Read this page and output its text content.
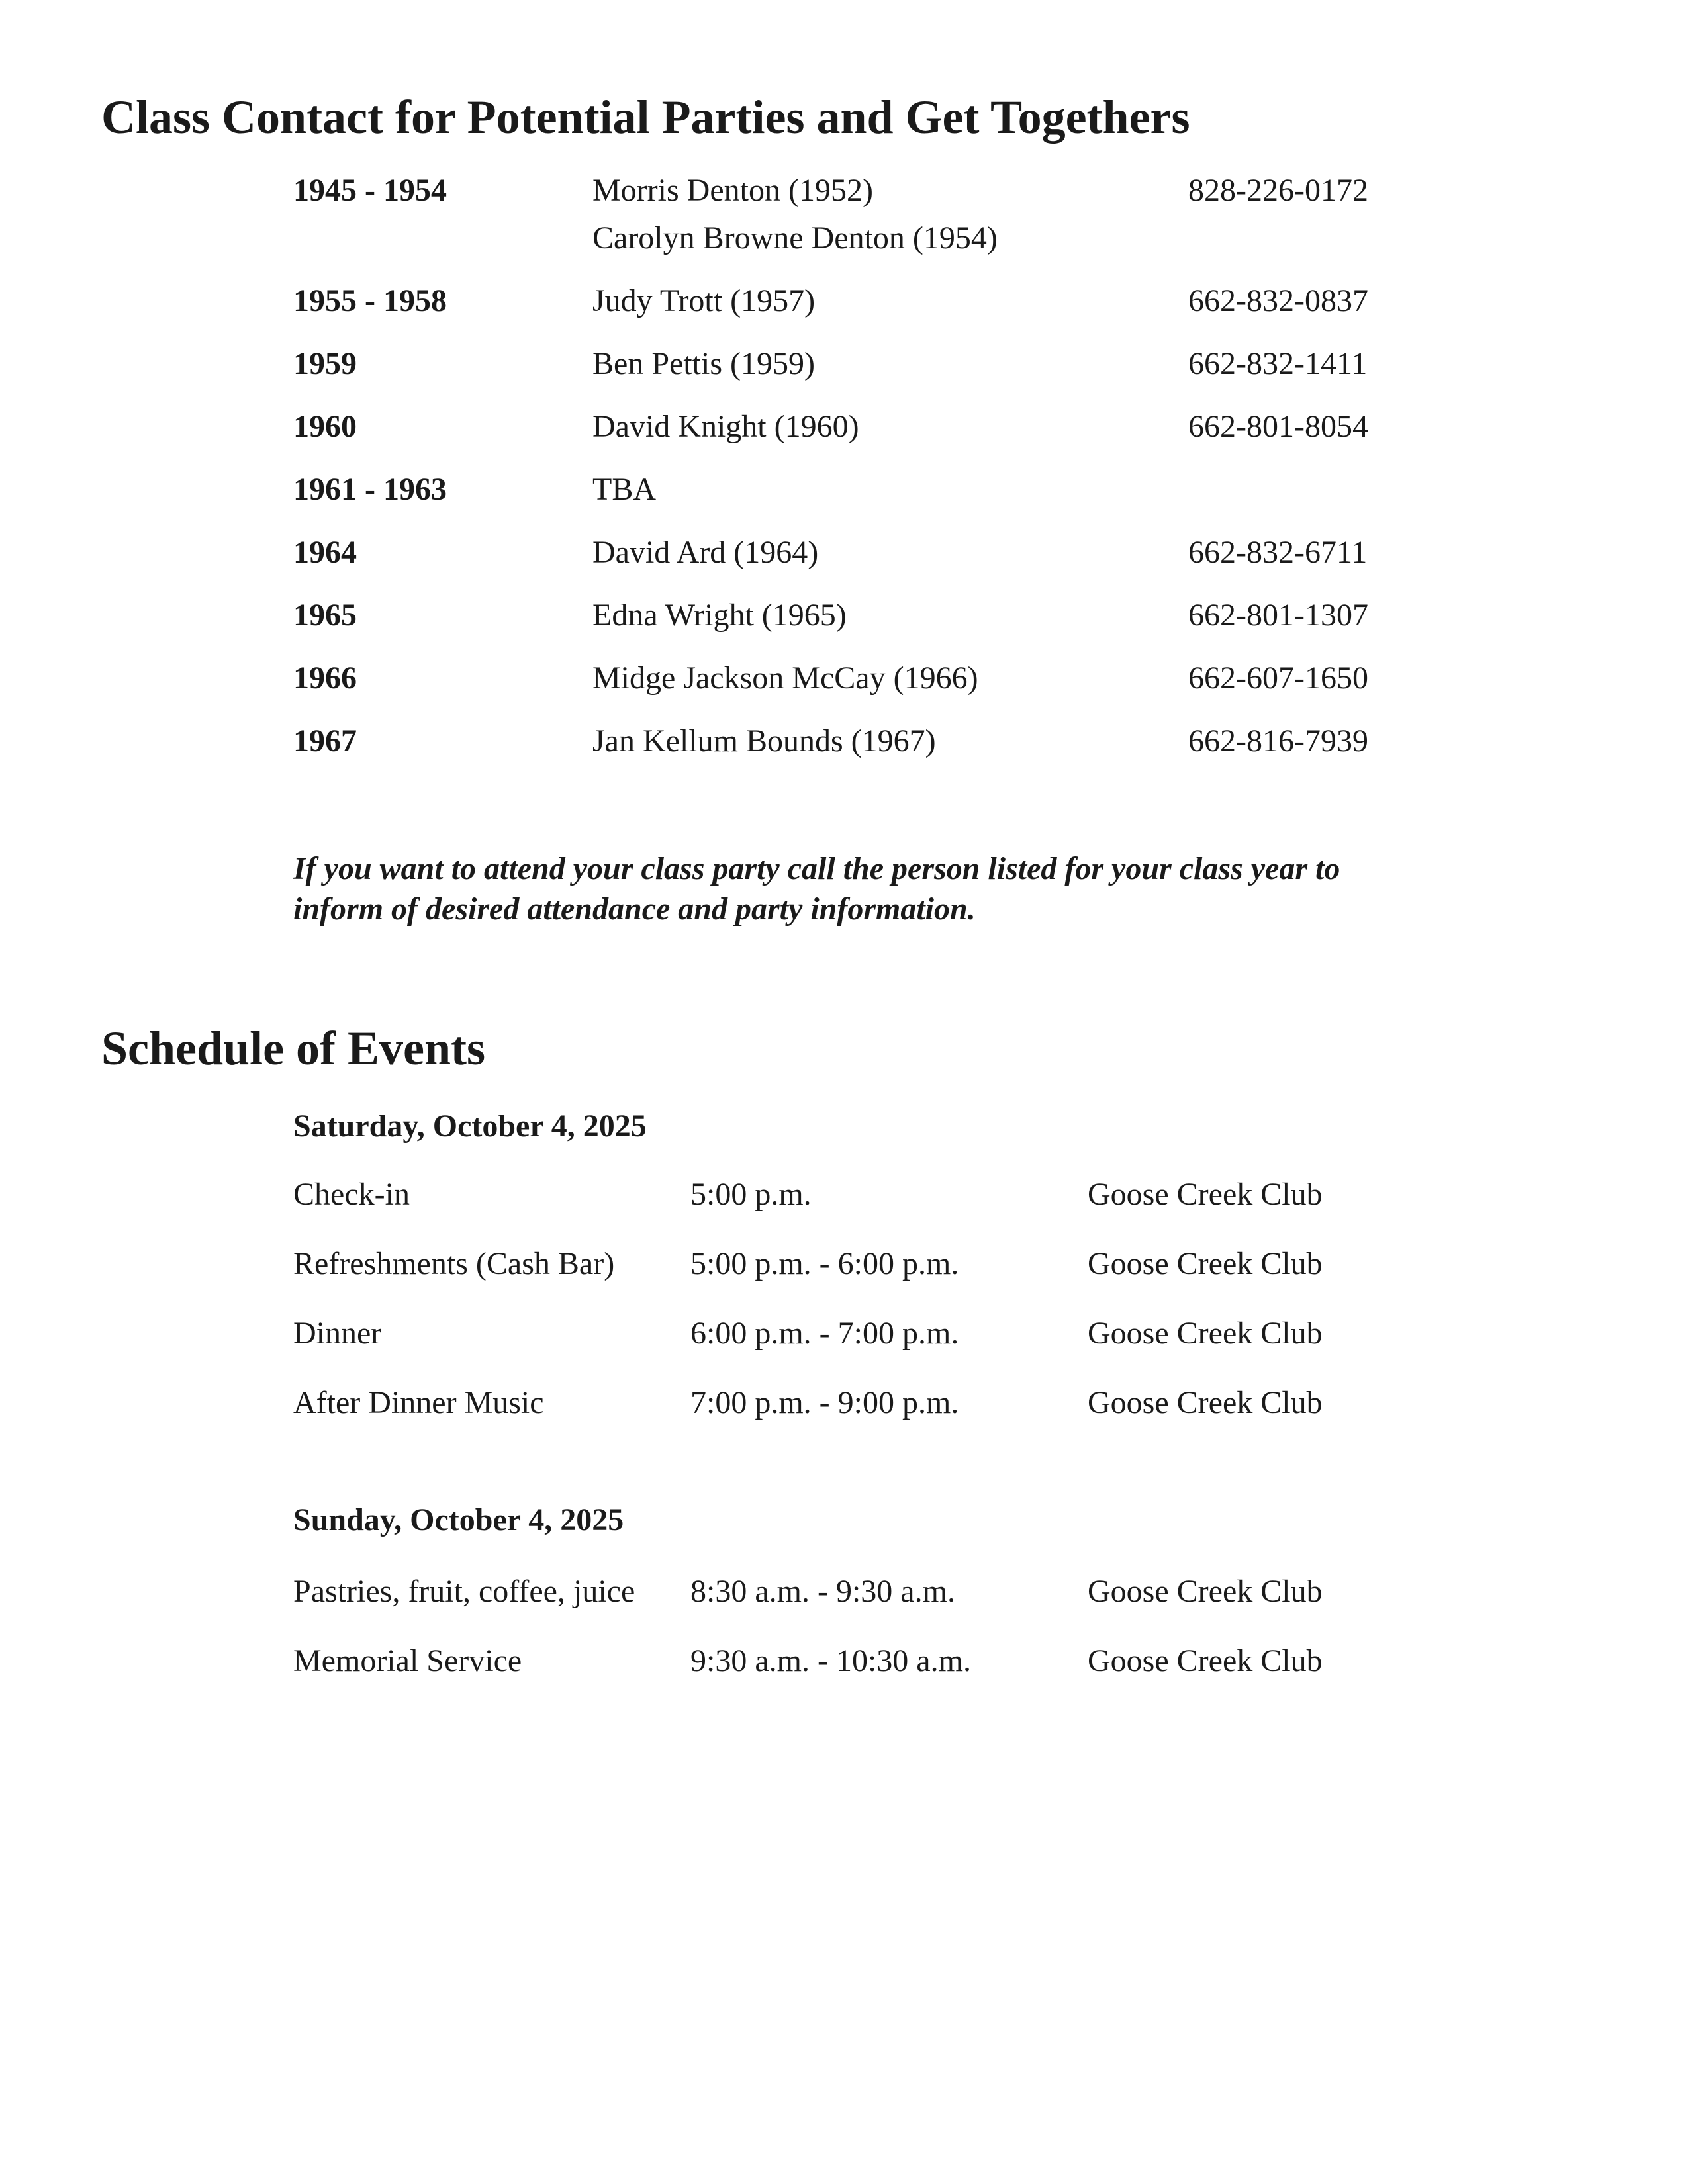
Class Contact for Potential Parties and Get Togethers
1945 - 1954	Morris Denton (1952)	828-226-0172
Carolyn Browne Denton (1954)
1955 - 1958	Judy Trott (1957)	662-832-0837
1959	Ben Pettis (1959)	662-832-1411
1960	David Knight (1960)	662-801-8054
1961 - 1963	TBA
1964	David Ard (1964)	662-832-6711
1965	Edna Wright (1965)	662-801-1307
1966	Midge Jackson McCay (1966)	662-607-1650
1967	Jan Kellum Bounds (1967)	662-816-7939

If you want to attend your class party call the person listed for your class year to
inform of desired attendance and party information.

Schedule of Events
Saturday, October 4, 2025
Check-in	5:00 p.m.	Goose Creek Club
Refreshments (Cash Bar) 5:00 p.m. - 6:00 p.m.	Goose Creek Club
Dinner	6:00 p.m. - 7:00 p.m.	Goose Creek Club
After Dinner Music	7:00 p.m. - 9:00 p.m.	Goose Creek Club
Sunday, October 4, 2025
Pastries, fruit, coffee, juice 8:30 a.m. - 9:30 a.m.	Goose Creek Club
Memorial Service	9:30 a.m. - 10:30 a.m.	Goose Creek Club
